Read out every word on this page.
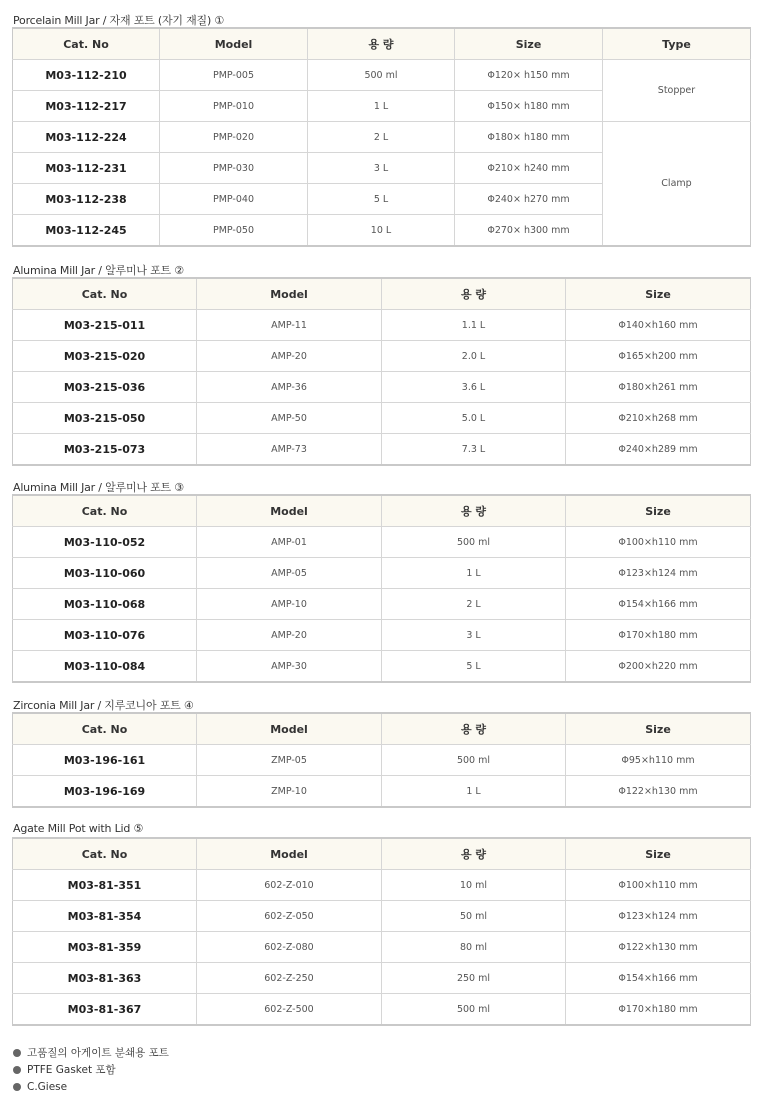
Porcelain Mill Jar / 자재 포트 (자기 재질) ①
Cat. No	Model	용 량	Size	Type
M03-112-210	PMP-005	500 ml	Φ120× h150 mm	Stopper
M03-112-217	PMP-010	1 L	Φ150× h180 mm	
M03-112-224	PMP-020	2 L	Φ180× h180 mm	Clamp
M03-112-231	PMP-030	3 L	Φ210× h240 mm	
M03-112-238	PMP-040	5 L	Φ240× h270 mm	
M03-112-245	PMP-050	10 L	Φ270× h300 mm	
Alumina Mill Jar / 알루미나 포트 ②
Cat. No	Model	용 량	Size
M03-215-011	AMP-11	1.1 L	Φ140×h160 mm
M03-215-020	AMP-20	2.0 L	Φ165×h200 mm
M03-215-036	AMP-36	3.6 L	Φ180×h261 mm
M03-215-050	AMP-50	5.0 L	Φ210×h268 mm
M03-215-073	AMP-73	7.3 L	Φ240×h289 mm
Alumina Mill Jar / 알루미나 포트 ③
Cat. No	Model	용 량	Size
M03-110-052	AMP-01	500 ml	Φ100×h110 mm
M03-110-060	AMP-05	1 L	Φ123×h124 mm
M03-110-068	AMP-10	2 L	Φ154×h166 mm
M03-110-076	AMP-20	3 L	Φ170×h180 mm
M03-110-084	AMP-30	5 L	Φ200×h220 mm
Zirconia Mill Jar / 지루코니아 포트 ④
Cat. No	Model	용 량	Size
M03-196-161	ZMP-05	500 ml	Φ95×h110 mm
M03-196-169	ZMP-10	1 L	Φ122×h130 mm
Agate Mill Pot with Lid ⑤
Cat. No	Model	용 량	Size
M03-81-351	602-Z-010	10 ml	Φ100×h110 mm
M03-81-354	602-Z-050	50 ml	Φ123×h124 mm
M03-81-359	602-Z-080	80 ml	Φ122×h130 mm
M03-81-363	602-Z-250	250 ml	Φ154×h166 mm
M03-81-367	602-Z-500	500 ml	Φ170×h180 mm
고품질의 아게이트 분쇄용 포트
PTFE Gasket 포함
C.Giese
